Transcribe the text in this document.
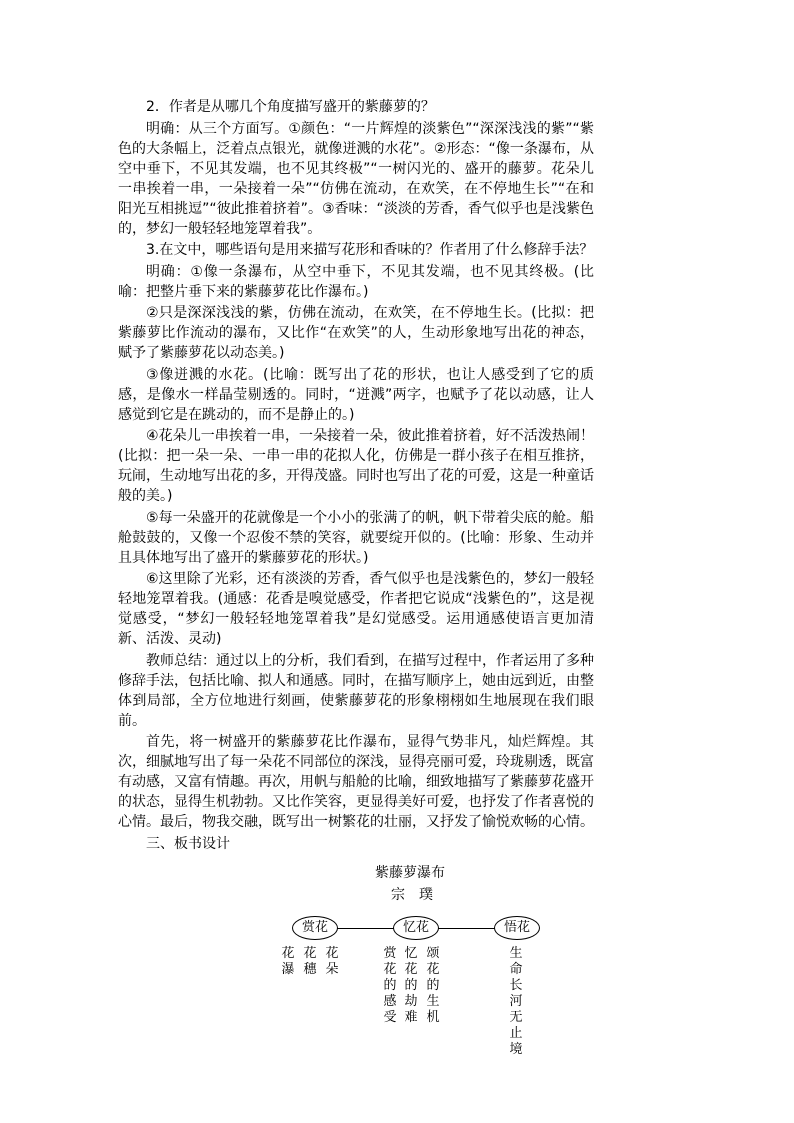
2．作者是从哪几个角度描写盛开的紫藤萝的？

明确：从三个方面写。①颜色：“一片辉煌的淡紫色”“深深浅浅的紫”“紫色的大条幅上，泛着点点银光，就像迸溅的水花”。②形态：“像一条瀑布，从空中垂下，不见其发端，也不见其终极”“一树闪光的、盛开的藤萝。花朵儿一串挨着一串，一朵接着一朵”“仿佛在流动，在欢笑，在不停地生长”“在和阳光互相挑逗”“彼此推着挤着”。③香味：“淡淡的芳香，香气似乎也是浅紫色的，梦幻一般轻轻地笼罩着我”。

3.在文中，哪些语句是用来描写花形和香味的？作者用了什么修辞手法？

明确：①像一条瀑布，从空中垂下，不见其发端，也不见其终极。(比喻：把整片垂下来的紫藤萝花比作瀑布。)

②只是深深浅浅的紫，仿佛在流动，在欢笑，在不停地生长。(比拟：把紫藤萝比作流动的瀑布，又比作“在欢笑”的人，生动形象地写出花的神态，赋予了紫藤萝花以动态美。)

③像迸溅的水花。(比喻：既写出了花的形状，也让人感受到了它的质感，是像水一样晶莹剔透的。同时，“迸溅”两字，也赋予了花以动感，让人感觉到它是在跳动的，而不是静止的。)

④花朵儿一串挨着一串，一朵接着一朵，彼此推着挤着，好不活泼热闹！(比拟：把一朵一朵、一串一串的花拟人化，仿佛是一群小孩子在相互推挤，玩闹，生动地写出花的多，开得茂盛。同时也写出了花的可爱，这是一种童话般的美。)

⑤每一朵盛开的花就像是一个小小的张满了的帆，帆下带着尖底的舱。船舱鼓鼓的，又像一个忍俊不禁的笑容，就要绽开似的。(比喻：形象、生动并且具体地写出了盛开的紫藤萝花的形状。)

⑥这里除了光彩，还有淡淡的芳香，香气似乎也是浅紫色的，梦幻一般轻轻地笼罩着我。(通感：花香是嗅觉感受，作者把它说成“浅紫色的”，这是视觉感受，“梦幻一般轻轻地笼罩着我”是幻觉感受。运用通感使语言更加清新、活泼、灵动)

教师总结：通过以上的分析，我们看到，在描写过程中，作者运用了多种修辞手法，包括比喻、拟人和通感。同时，在描写顺序上，她由远到近，由整体到局部，全方位地进行刻画，使紫藤萝花的形象栩栩如生地展现在我们眼前。

首先，将一树盛开的紫藤萝花比作瀑布，显得气势非凡，灿烂辉煌。其次，细腻地写出了每一朵花不同部位的深浅，显得亮丽可爱，玲珑剔透，既富有动感，又富有情趣。再次，用帆与船舱的比喻，细致地描写了紫藤萝花盛开的状态，显得生机勃勃。又比作笑容，更显得美好可爱，也抒发了作者喜悦的心情。最后，物我交融，既写出一树繁花的壮丽，又抒发了愉悦欢畅的心情。

三、板书设计

紫藤萝瀑布
宗　璞
赏花	忆花	悟花
花瀑
花穗
花朵
赏花的感受
忆花的劫难
颂花的生机
生命长河无止境
